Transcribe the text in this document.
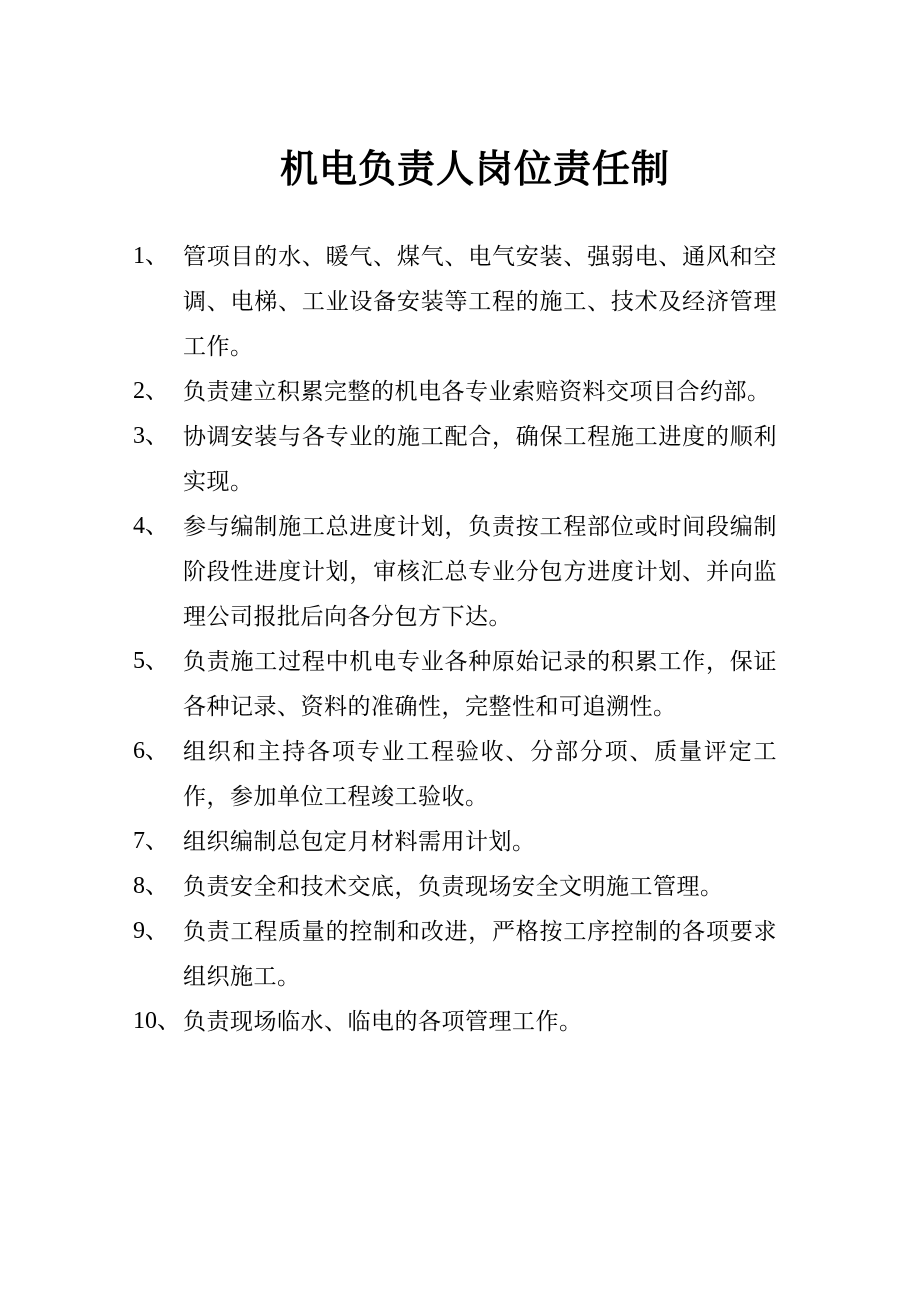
机电负责人岗位责任制
1、 管项目的水、暖气、煤气、电气安装、强弱电、通风和空调、电梯、工业设备安装等工程的施工、技术及经济管理工作。
2、 负责建立积累完整的机电各专业索赔资料交项目合约部。
3、 协调安装与各专业的施工配合，确保工程施工进度的顺利实现。
4、 参与编制施工总进度计划，负责按工程部位或时间段编制阶段性进度计划，审核汇总专业分包方进度计划、并向监理公司报批后向各分包方下达。
5、 负责施工过程中机电专业各种原始记录的积累工作，保证各种记录、资料的准确性，完整性和可追溯性。
6、 组织和主持各项专业工程验收、分部分项、质量评定工作，参加单位工程竣工验收。
7、 组织编制总包定月材料需用计划。
8、 负责安全和技术交底，负责现场安全文明施工管理。
9、 负责工程质量的控制和改进，严格按工序控制的各项要求组织施工。
10、 负责现场临水、临电的各项管理工作。
